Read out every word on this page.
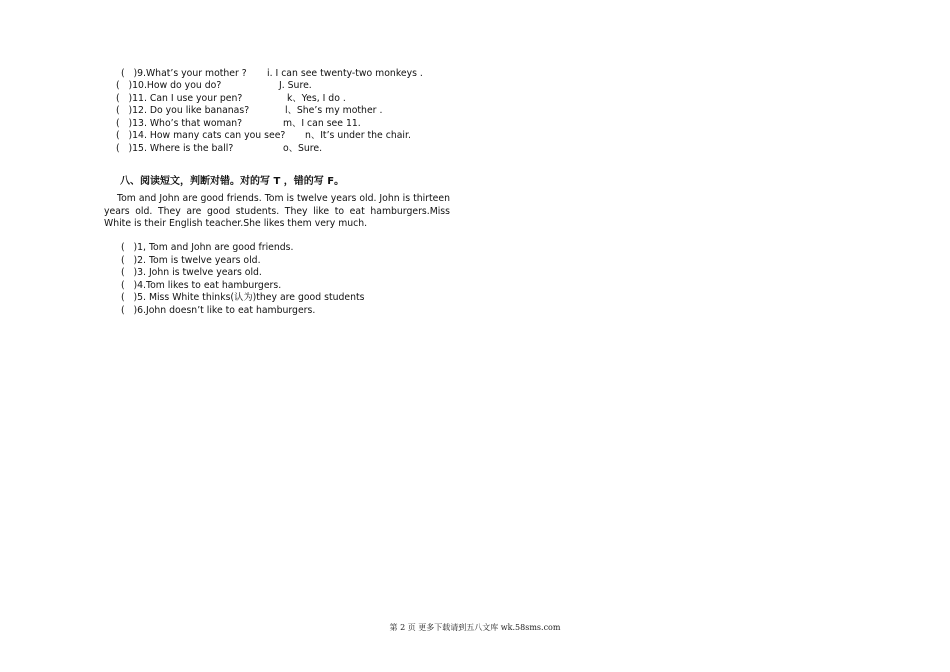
(   )9.What’s your mother ? i. I can see twenty-two monkeys .
(   )10.How do you do?	J. Sure.
(   )11. Can I use your pen?	k、Yes, I do .
(   )12. Do you like bananas?	l、She’s my mother .
(   )13. Who’s that woman?	m、I can see 11.
(   )14. How many cats can you see? n、It’s under the chair.
(   )15. Where is the ball?	o、Sure.
八、阅读短文，判断对错。对的写 T ，错的写 F。
Tom and John are good friends. Tom is twelve years old. John is thirteen years old. They are good students. They like to eat hamburgers.Miss White is their English teacher.She likes them very much.
(   )1, Tom and John are good friends.
(   )2. Tom is twelve years old.
(   )3. John is twelve years old.
(   )4.Tom likes to eat hamburgers.
(   )5. Miss White thinks(认为)they are good students
(   )6.John doesn’t like to eat hamburgers.
第 2 页 更多下载请到五八文库 wk.58sms.com
